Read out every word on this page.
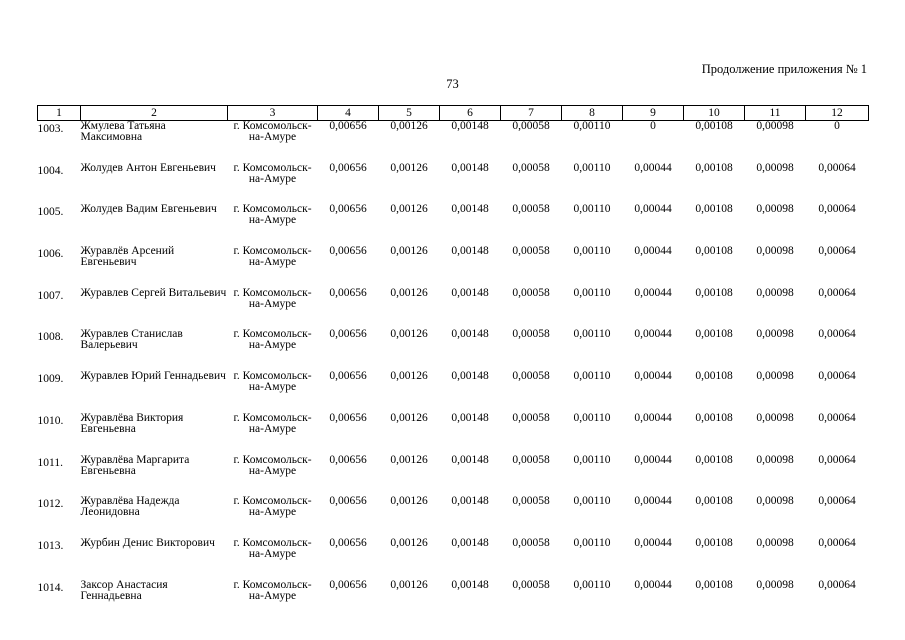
Продолжение приложения № 1
73
1	2	3	4	5	6	7	8	9	10	11	12
1003.	Жмулева Татьяна Максимовна	г. Комсомольск-на-Амуре	0,00656	0,00126	0,00148	0,00058	0,00110	0	0,00108	0,00098	0
1004.	Жолудев Антон Евгеньевич	г. Комсомольск-на-Амуре	0,00656	0,00126	0,00148	0,00058	0,00110	0,00044	0,00108	0,00098	0,00064
1005.	Жолудев Вадим Евгеньевич	г. Комсомольск-на-Амуре	0,00656	0,00126	0,00148	0,00058	0,00110	0,00044	0,00108	0,00098	0,00064
1006.	Журавлёв Арсений Евгеньевич	г. Комсомольск-на-Амуре	0,00656	0,00126	0,00148	0,00058	0,00110	0,00044	0,00108	0,00098	0,00064
1007.	Журавлев Сергей Витальевич	г. Комсомольск-на-Амуре	0,00656	0,00126	0,00148	0,00058	0,00110	0,00044	0,00108	0,00098	0,00064
1008.	Журавлев Станислав Валерьевич	г. Комсомольск-на-Амуре	0,00656	0,00126	0,00148	0,00058	0,00110	0,00044	0,00108	0,00098	0,00064
1009.	Журавлев Юрий Геннадьевич	г. Комсомольск-на-Амуре	0,00656	0,00126	0,00148	0,00058	0,00110	0,00044	0,00108	0,00098	0,00064
1010.	Журавлёва Виктория Евгеньевна	г. Комсомольск-на-Амуре	0,00656	0,00126	0,00148	0,00058	0,00110	0,00044	0,00108	0,00098	0,00064
1011.	Журавлёва Маргарита Евгеньевна	г. Комсомольск-на-Амуре	0,00656	0,00126	0,00148	0,00058	0,00110	0,00044	0,00108	0,00098	0,00064
1012.	Журавлёва Надежда Леонидовна	г. Комсомольск-на-Амуре	0,00656	0,00126	0,00148	0,00058	0,00110	0,00044	0,00108	0,00098	0,00064
1013.	Журбин Денис Викторович	г. Комсомольск-на-Амуре	0,00656	0,00126	0,00148	0,00058	0,00110	0,00044	0,00108	0,00098	0,00064
1014.	Заксор Анастасия Геннадьевна	г. Комсомольск-на-Амуре	0,00656	0,00126	0,00148	0,00058	0,00110	0,00044	0,00108	0,00098	0,00064
